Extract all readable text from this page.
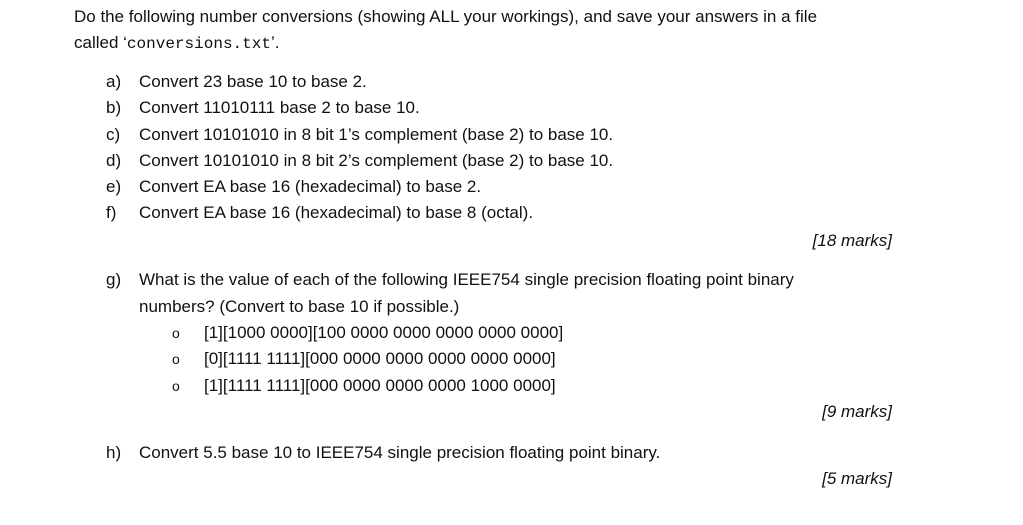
Do the following number conversions (showing ALL your workings), and save your answers in a file
called ‘conversions.txt’.

a) Convert 23 base 10 to base 2.
b) Convert 11010111 base 2 to base 10.
c) Convert 10101010 in 8 bit 1’s complement (base 2) to base 10.
d) Convert 10101010 in 8 bit 2’s complement (base 2) to base 10.
e) Convert EA base 16 (hexadecimal) to base 2.
f) Convert EA base 16 (hexadecimal) to base 8 (octal).
[18 marks]
g)	What is the value of each of the following IEEE754 single precision floating point binary
numbers? (Convert to base 10 if possible.)
o [1][1000 0000][100 0000 0000 0000 0000 0000]
o [0][1111 1111][000 0000 0000 0000 0000 0000]
o [1][1111 1111][000 0000 0000 0000 1000 0000]
[9 marks]
h)	Convert 5.5 base 10 to IEEE754 single precision floating point binary.
[5 marks]
